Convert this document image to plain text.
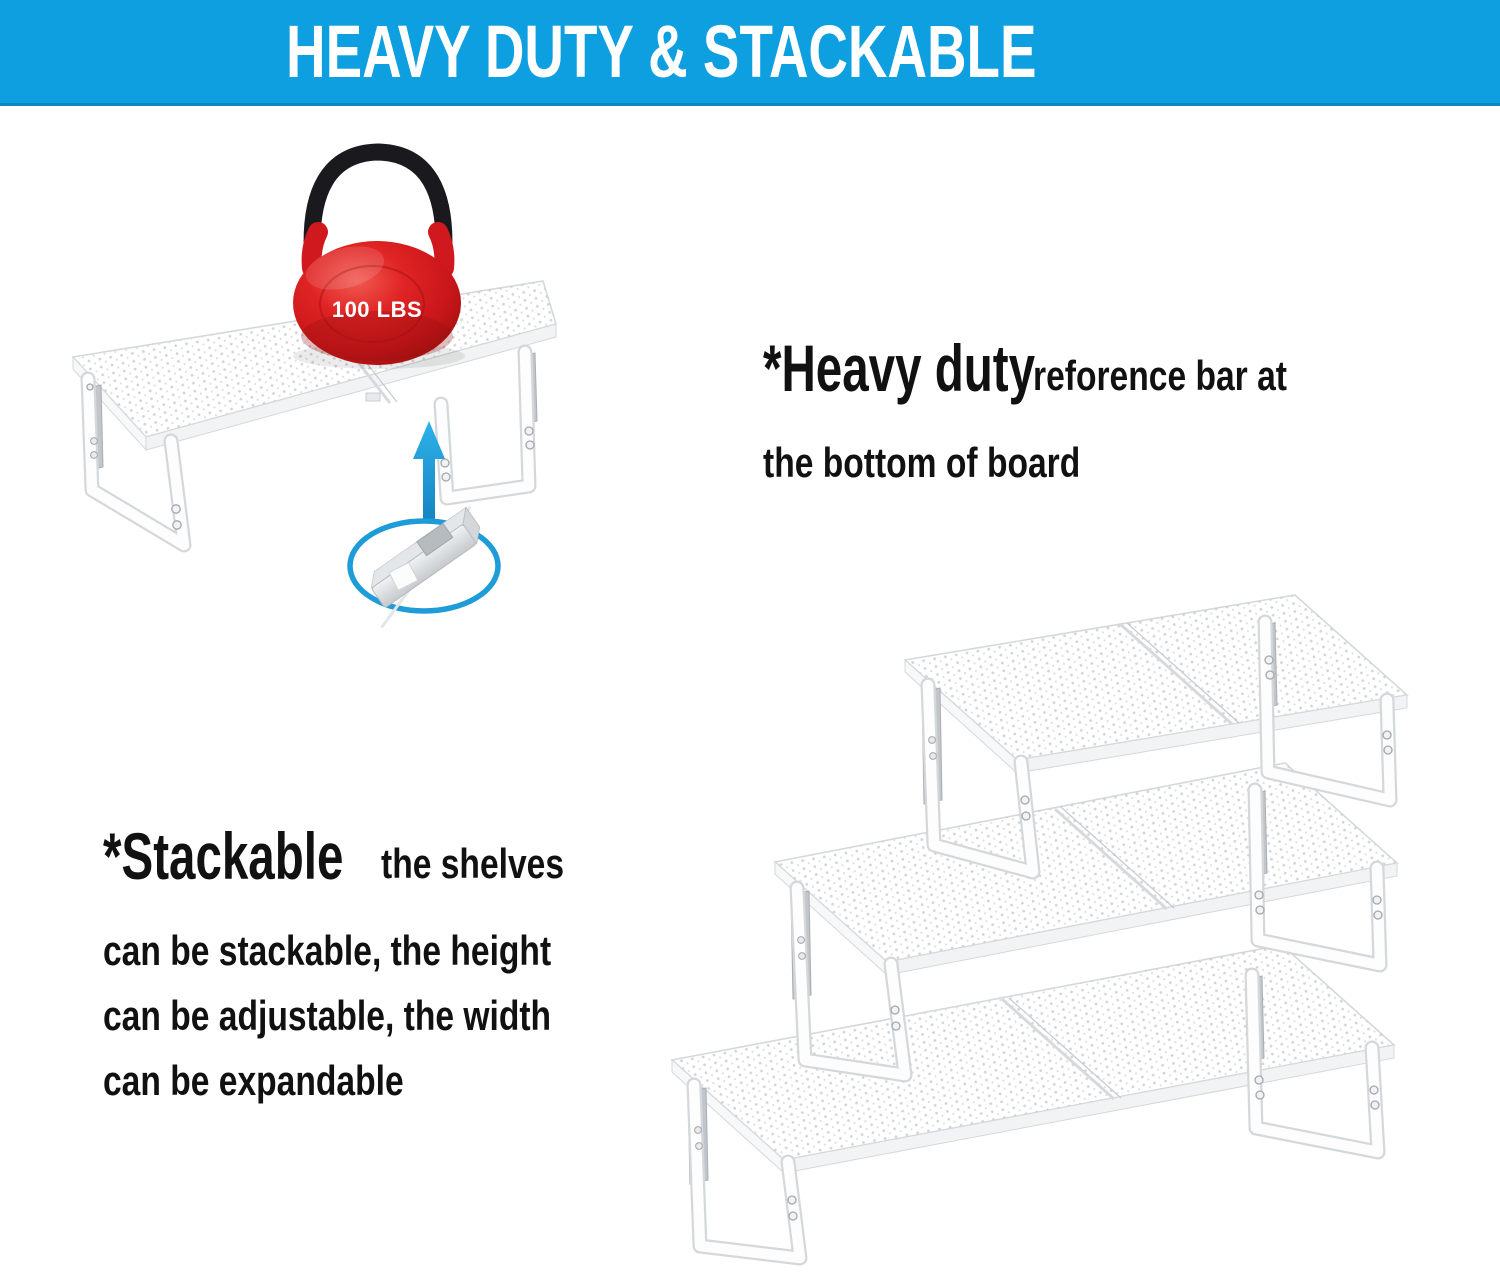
HEAVY DUTY & STACKABLE
100 LBS
*Heavy duty
reforence bar at
the bottom of board
*Stackable the shelves
can be stackable, the height
can be adjustable, the width
can be expandable
